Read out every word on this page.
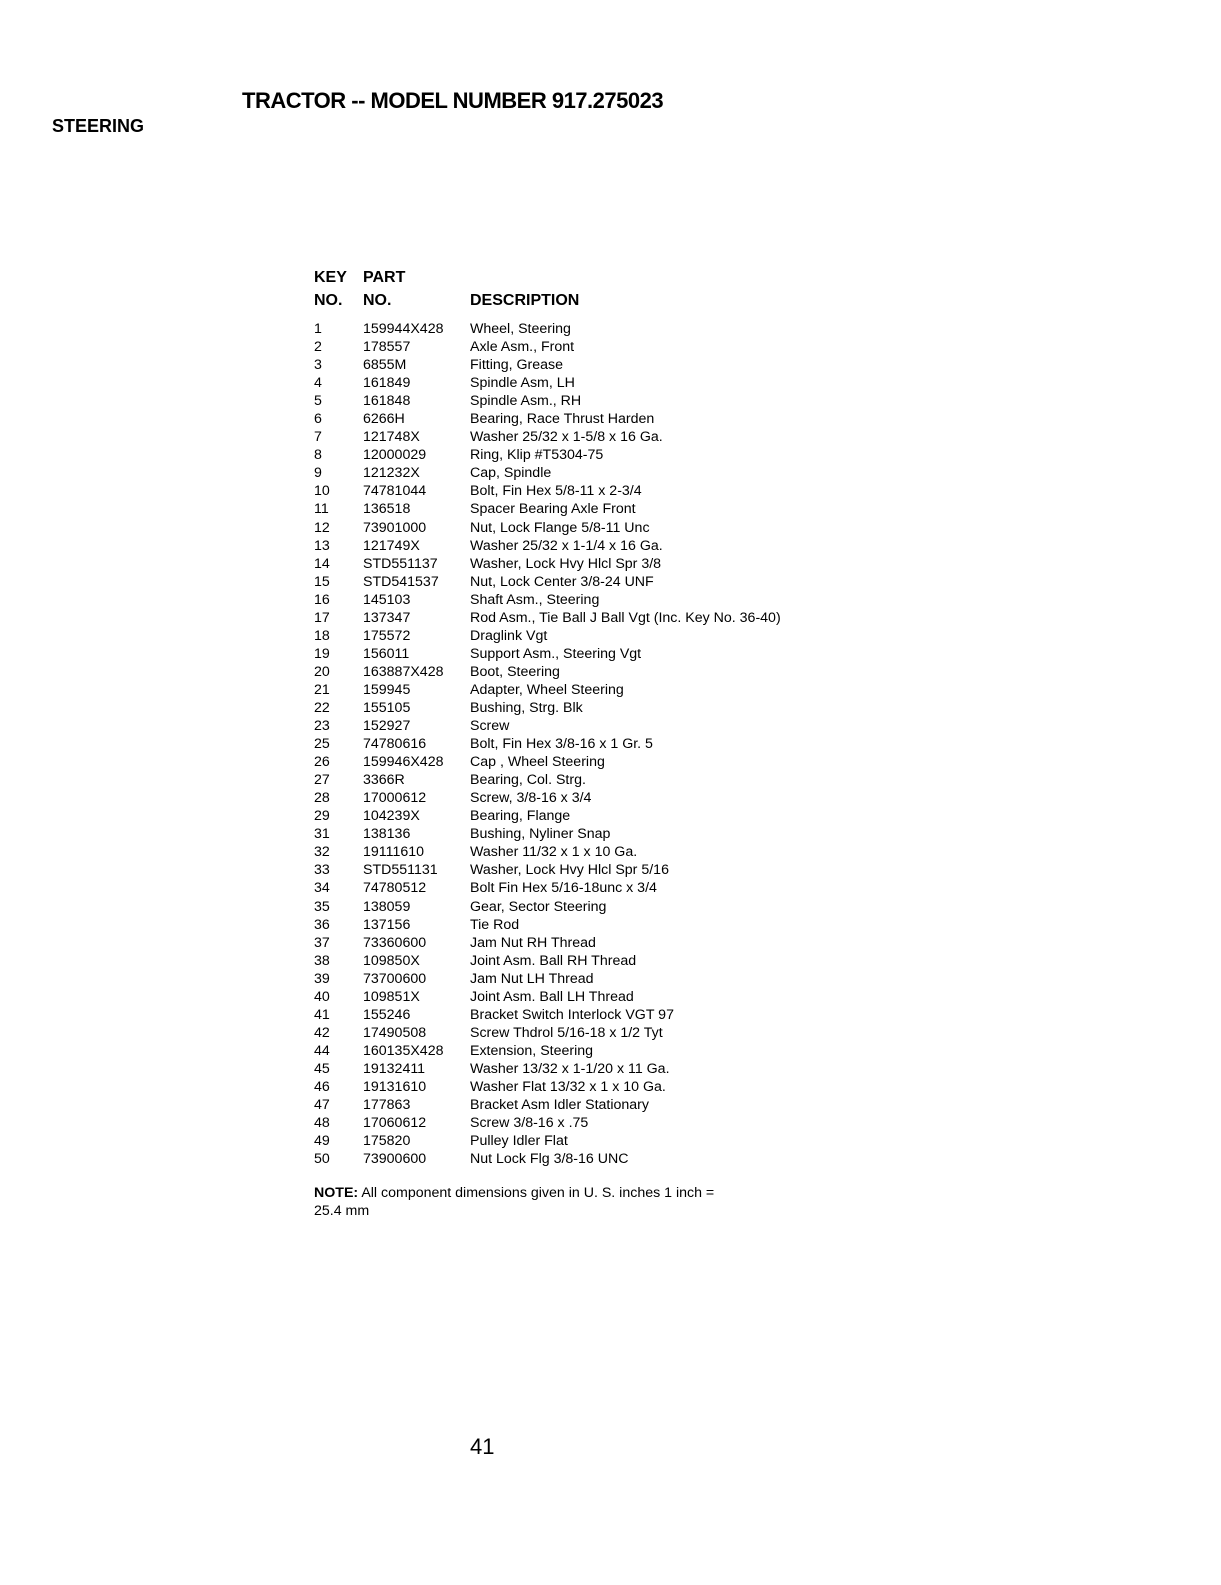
TRACTOR -- MODEL NUMBER 917.275023
STEERING
KEY PART
NO. NO.	DESCRIPTION
1	159944X428 Wheel, Steering
2	178557	Axle Asm., Front
3	6855M	Fitting, Grease
4	161849	Spindle Asm, LH
5	161848	Spindle Asm., RH
6	6266H	Bearing, Race Thrust Harden
7	121748X	Washer 25/32 x 1-5/8 x 16 Ga.
8	12000029	Ring, Klip #T5304-75
9	121232X	Cap, Spindle
10 74781044	Bolt, Fin Hex 5/8-11 x 2-3/4
11 136518	Spacer Bearing Axle Front
12 73901000	Nut, Lock Flange 5/8-11 Unc
13 121749X	Washer 25/32 x 1-1/4 x 16 Ga.
14 STD551137 Washer, Lock Hvy Hlcl Spr 3/8
15 STD541537 Nut, Lock Center 3/8-24 UNF
16 145103	Shaft Asm., Steering
17 137347	Rod Asm., Tie Ball J Ball Vgt (Inc. Key No. 36-40)
18 175572	Draglink Vgt
19 156011	Support Asm., Steering Vgt
20 163887X428 Boot, Steering
21 159945	Adapter, Wheel Steering
22 155105	Bushing, Strg. Blk
23 152927	Screw
25 74780616	Bolt, Fin Hex 3/8-16 x 1 Gr. 5
26 159946X428 Cap , Wheel Steering
27 3366R	Bearing, Col. Strg.
28 17000612	Screw, 3/8-16 x 3/4
29 104239X	Bearing, Flange
31 138136	Bushing, Nyliner Snap
32 19111610	Washer 11/32 x 1 x 10 Ga.
33 STD551131 Washer, Lock Hvy Hlcl Spr 5/16
34 74780512	Bolt Fin Hex 5/16-18unc x 3/4
35 138059	Gear, Sector Steering
36 137156	Tie Rod
37 73360600	Jam Nut RH Thread
38 109850X	Joint Asm. Ball RH Thread
39 73700600	Jam Nut LH Thread
40 109851X	Joint Asm. Ball LH Thread
41 155246	Bracket Switch Interlock VGT 97
42 17490508	Screw Thdrol 5/16-18 x 1/2 Tyt
44 160135X428 Extension, Steering
45 19132411	Washer 13/32 x 1-1/20 x 11 Ga.
46 19131610	Washer Flat 13/32 x 1 x 10 Ga.
47 177863	Bracket Asm Idler Stationary
48 17060612	Screw 3/8-16 x .75
49 175820	Pulley Idler Flat
50 73900600	Nut Lock Flg 3/8-16 UNC
NOTE: All component dimensions given in U. S. inches 1 inch = 25.4 mm
41
